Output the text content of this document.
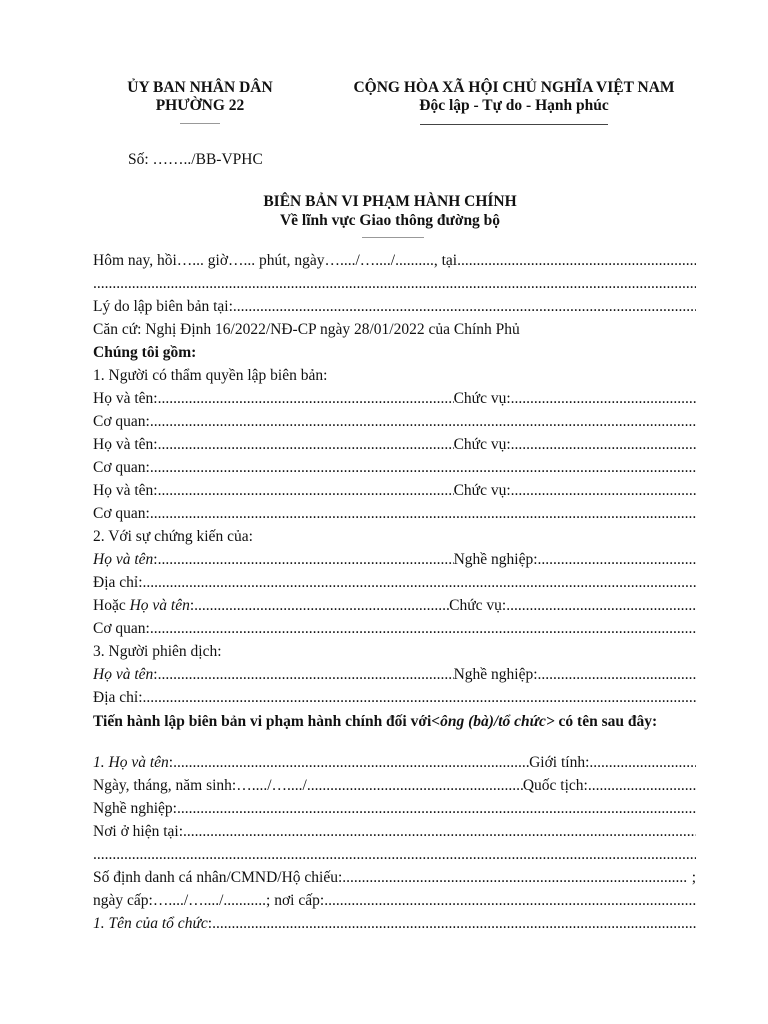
ỦY BAN NHÂN DÂN
PHƯỜNG 22
CỘNG HÒA XÃ HỘI CHỦ NGHĨA VIỆT NAM
Độc lập - Tự do - Hạnh phúc
Số: ……../BB-VPHC
BIÊN BẢN VI PHẠM HÀNH CHÍNH
Về lĩnh vực Giao thông đường bộ
Hôm nay, hồi…... giờ…... phút, ngày…..../…..../.........., tại
.....
.....
Lý do lập biên bản tại:
.....
Căn cứ: Nghị Định 16/2022/NĐ-CP ngày 28/01/2022 của Chính Phủ
Chúng tôi gồm:
1. Người có thẩm quyền lập biên bản:
Họ và tên: .....	Chức vụ:
.....
Cơ quan:
.....
Họ và tên: .....	Chức vụ:
.....
Cơ quan:
.....
Họ và tên: .....	Chức vụ:
.....
Cơ quan:
.....
2. Với sự chứng kiến của:
Họ và tên : .....	Nghề nghiệp:
.....
Địa chỉ:
.....
Hoặc Họ và tên : .....	Chức vụ:
.....
Cơ quan:
.....
3. Người phiên dịch:
Họ và tên : .....	Nghề nghiệp:
.....
Địa chỉ:
.....
Tiến hành lập biên bản vi phạm hành chính đối với<ông (bà)/tổ chức> có tên sau đây:
1. Họ và tên : .....	Giới tính:
.....
Ngày, tháng, năm sinh:…..../…..../ .....	Quốc tịch:
.....
Nghề nghiệp:
.....
Nơi ở hiện tại:
.....
.....
Số định danh cá nhân/CMND/Hộ chiếu: .....	;
ngày cấp:…..../…..../...........; nơi cấp:
.....
1. Tên của tổ chức :
.....
